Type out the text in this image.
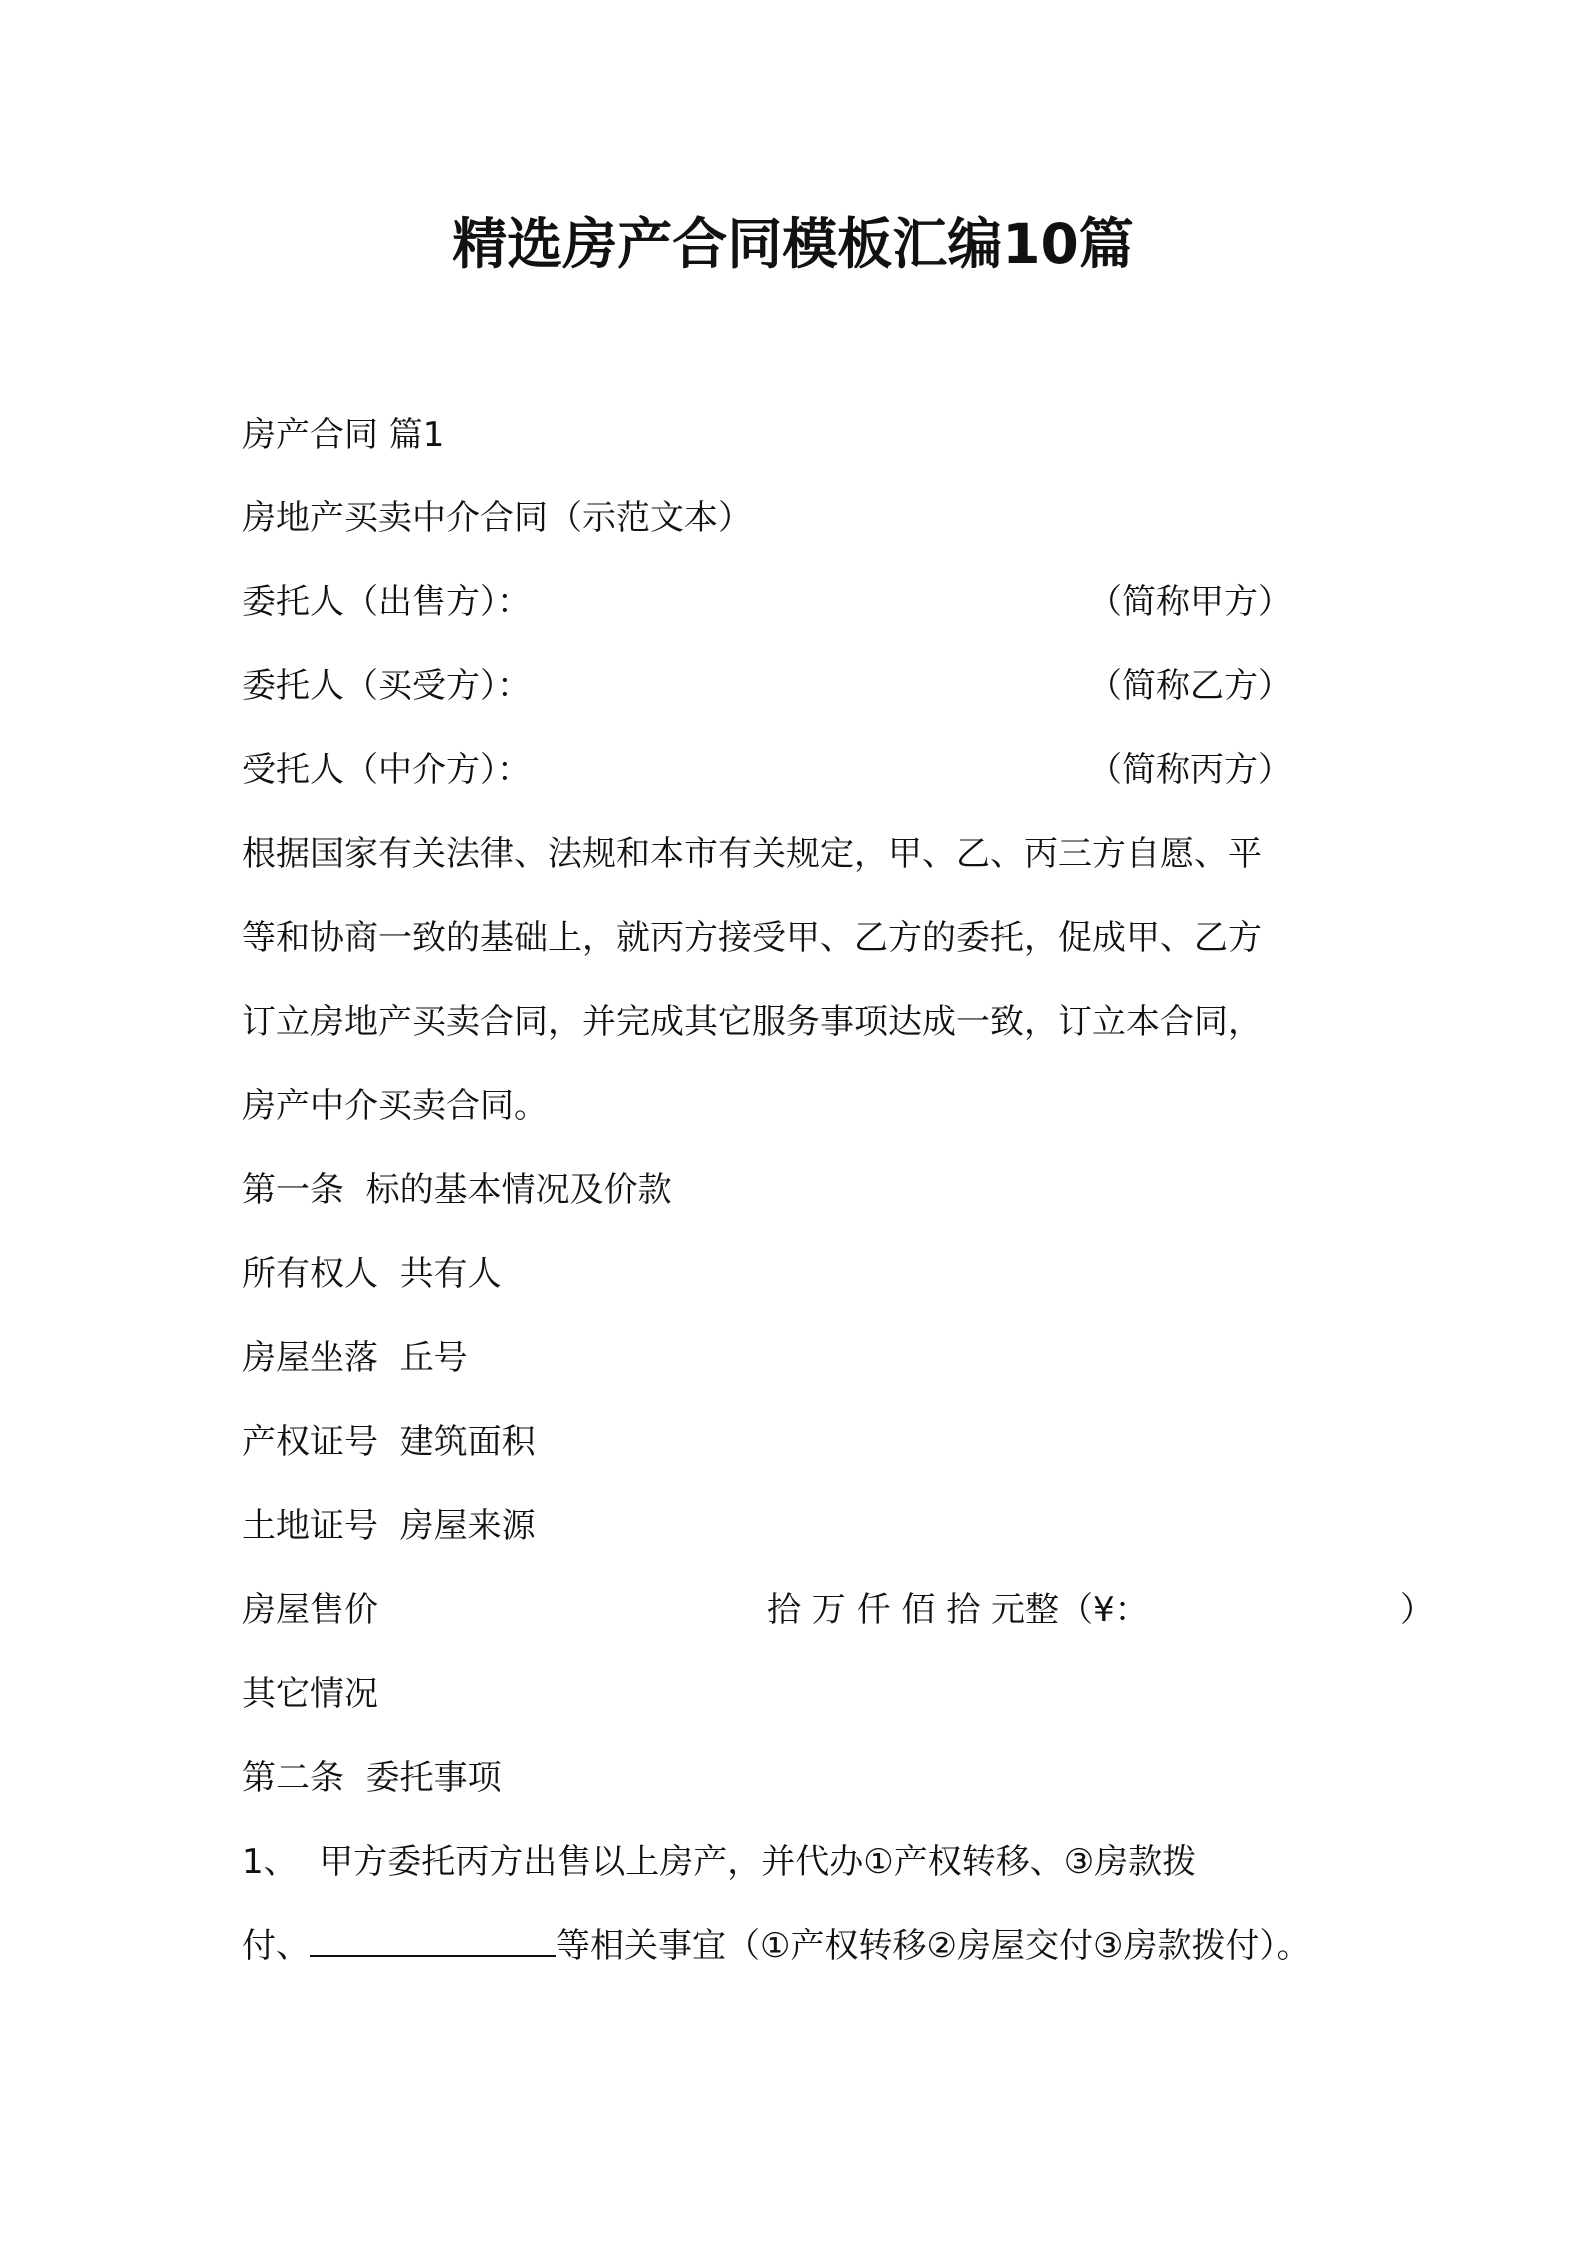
精选房产合同模板汇编10篇

房产合同 篇1

房地产买卖中介合同（示范文本）

委托人（出售方）：	（简称甲方）

委托人（买受方）：	（简称乙方）

受托人（中介方）：	（简称丙方）

根据国家有关法律、法规和本市有关规定，甲、乙、丙三方自愿、平

等和协商一致的基础上，就丙方接受甲、乙方的委托，促成甲、乙方

订立房地产买卖合同，并完成其它服务事项达成一致，订立本合同，

房产中介买卖合同。

第一条  标的基本情况及价款

所有权人  共有人

房屋坐落  丘号

产权证号  建筑面积

土地证号  房屋来源

房屋售价	拾 万 仟 佰 拾 元整（¥：	）

其它情况

第二条  委托事项

1、  甲方委托丙方出售以上房产，并代办①产权转移、③房款拨

付、	等相关事宜（①产权转移②房屋交付③房款拨付）。
